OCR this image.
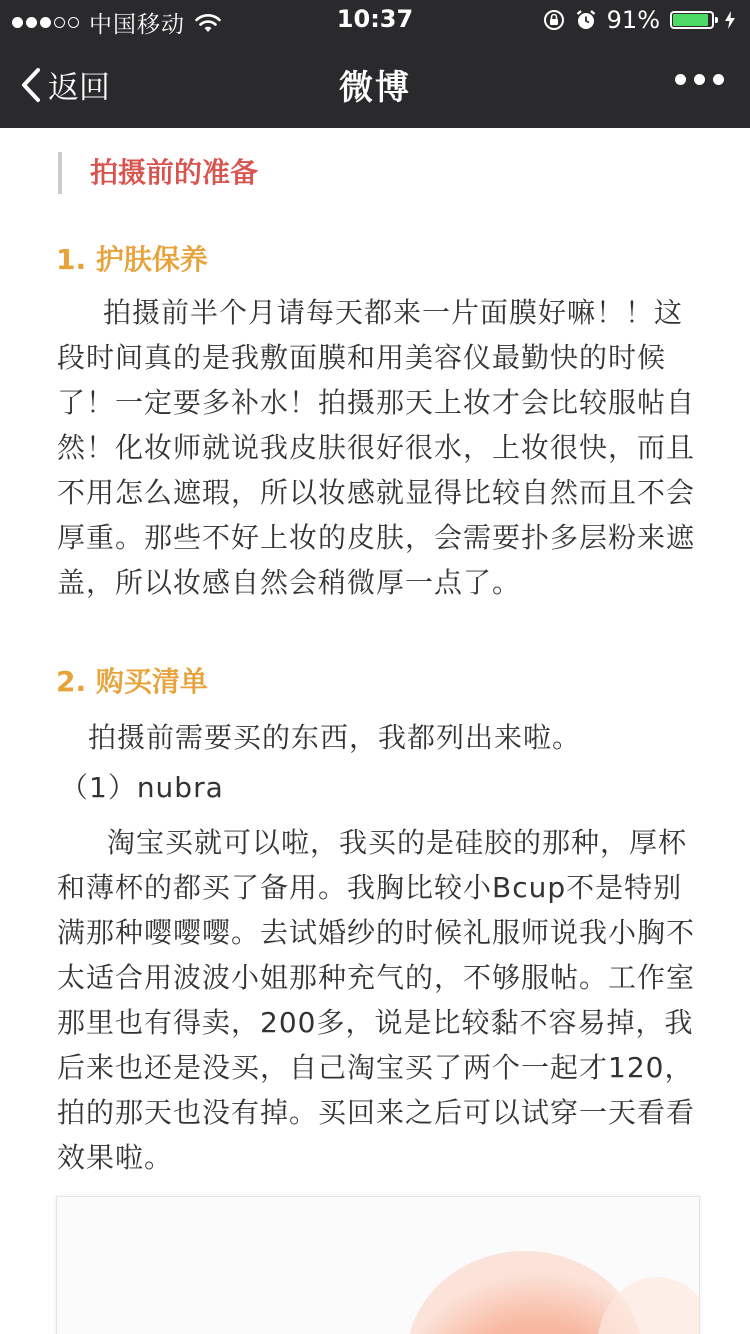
中国移动	10:37	91%
返回	微博
拍摄前的准备
1. 护肤保养
拍摄前半个月请每天都来一片面膜好嘛！！这段时间真的是我敷面膜和用美容仪最勤快的时候了！一定要多补水！拍摄那天上妆才会比较服帖自然！化妆师就说我皮肤很好很水，上妆很快，而且不用怎么遮瑕，所以妆感就显得比较自然而且不会厚重。那些不好上妆的皮肤，会需要扑多层粉来遮盖，所以妆感自然会稍微厚一点了。
2. 购买清单
拍摄前需要买的东西，我都列出来啦。
（1）nubra
淘宝买就可以啦，我买的是硅胶的那种，厚杯和薄杯的都买了备用。我胸比较小Bcup不是特别满那种嘤嘤嘤。去试婚纱的时候礼服师说我小胸不太适合用波波小姐那种充气的，不够服帖。工作室那里也有得卖，200多，说是比较黏不容易掉，我后来也还是没买，自己淘宝买了两个一起才120，拍的那天也没有掉。买回来之后可以试穿一天看看效果啦。
